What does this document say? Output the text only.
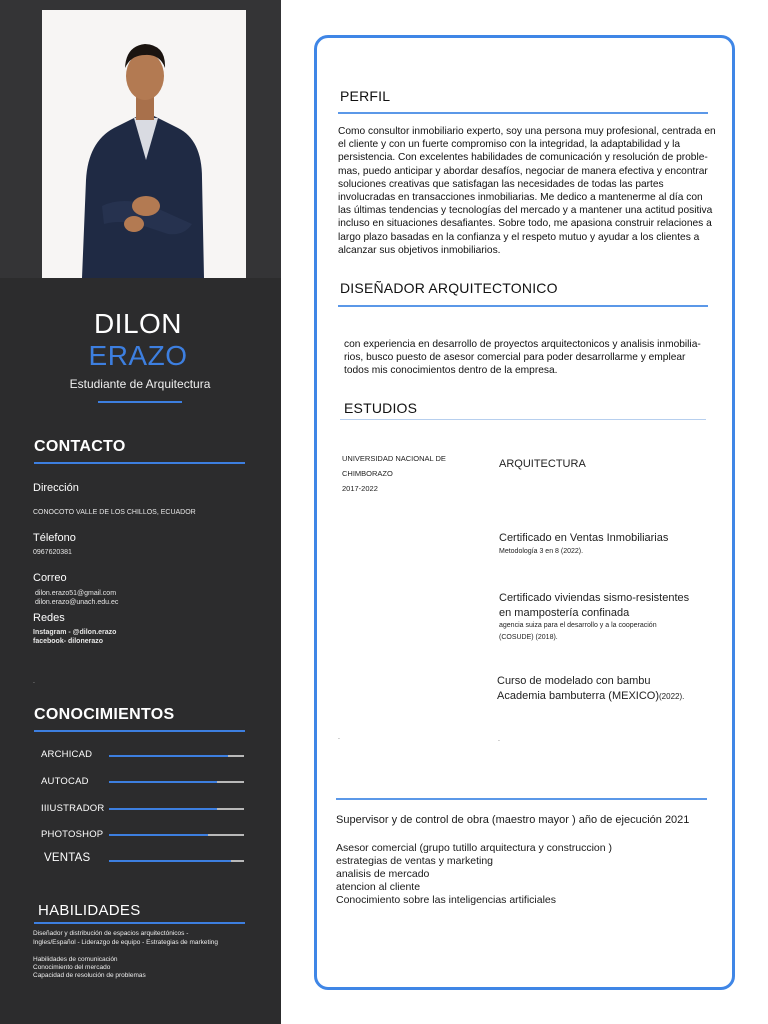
DILON
ERAZO
Estudiante de Arquitectura
CONTACTO
Dirección
CONOCOTO VALLE DE LOS CHILLOS, ECUADOR
Télefono
0967620381
Correo
dilon.erazo51@gmail.com
dilon.erazo@unach.edu.ec
Redes
Instagram - @dilon.erazo
facebook- dilonerazo
.
CONOCIMIENTOS
ARCHICAD
AUTOCAD
IIIUSTRADOR
PHOTOSHOP
VENTAS
HABILIDADES
Diseñador y distribución de espacios arquitectónicos -
Ingles/Español - Liderazgo de equipo - Estrategias de marketing
Habilidades de comunicación
Conocimiento del mercado
Capacidad de resolución de problemas
PERFIL
Como consultor inmobiliario experto, soy una persona muy profesional, centrada en el cliente y con un fuerte compromiso con la integridad, la adaptabilidad y la persistencia. Con excelentes habilidades de comunicación y resolución de proble-mas, puedo anticipar y abordar desafíos, negociar de manera efectiva y encontrar soluciones creativas que satisfagan las necesidades de todas las partes involucradas en transacciones inmobiliarias. Me dedico a mantenerme al día con las últimas tendencias y tecnologías del mercado y a mantener una actitud positiva incluso en situaciones desafiantes. Sobre todo, me apasiona construir relaciones a largo plazo basadas en la confianza y el respeto mutuo y ayudar a los clientes a alcanzar sus objetivos inmobiliarios.
DISEÑADOR ARQUITECTONICO
con experiencia en desarrollo de proyectos arquitectonicos y analisis inmobilia-rios, busco puesto de asesor comercial para poder desarrollarme y emplear todos mis conocimientos dentro de la empresa.
ESTUDIOS
UNIVERSIDAD NACIONAL DE
CHIMBORAZO
2017-2022
ARQUITECTURA
Certificado en Ventas Inmobiliarias
Metodología 3 en 8 (2022).
Certificado viviendas sismo-resistentes
en mampostería confinada
agencia suiza para el desarrollo y a la cooperación
(COSUDE) (2018).
Curso de modelado con bambu
Academia bambuterra (MEXICO)(2022).
.	.
Supervisor y de control de obra (maestro mayor ) año de ejecución 2021
Asesor comercial (grupo tutillo arquitectura y construccion )
estrategias de ventas y marketing
analisis de mercado
atencion al cliente
Conocimiento sobre las inteligencias artificiales
